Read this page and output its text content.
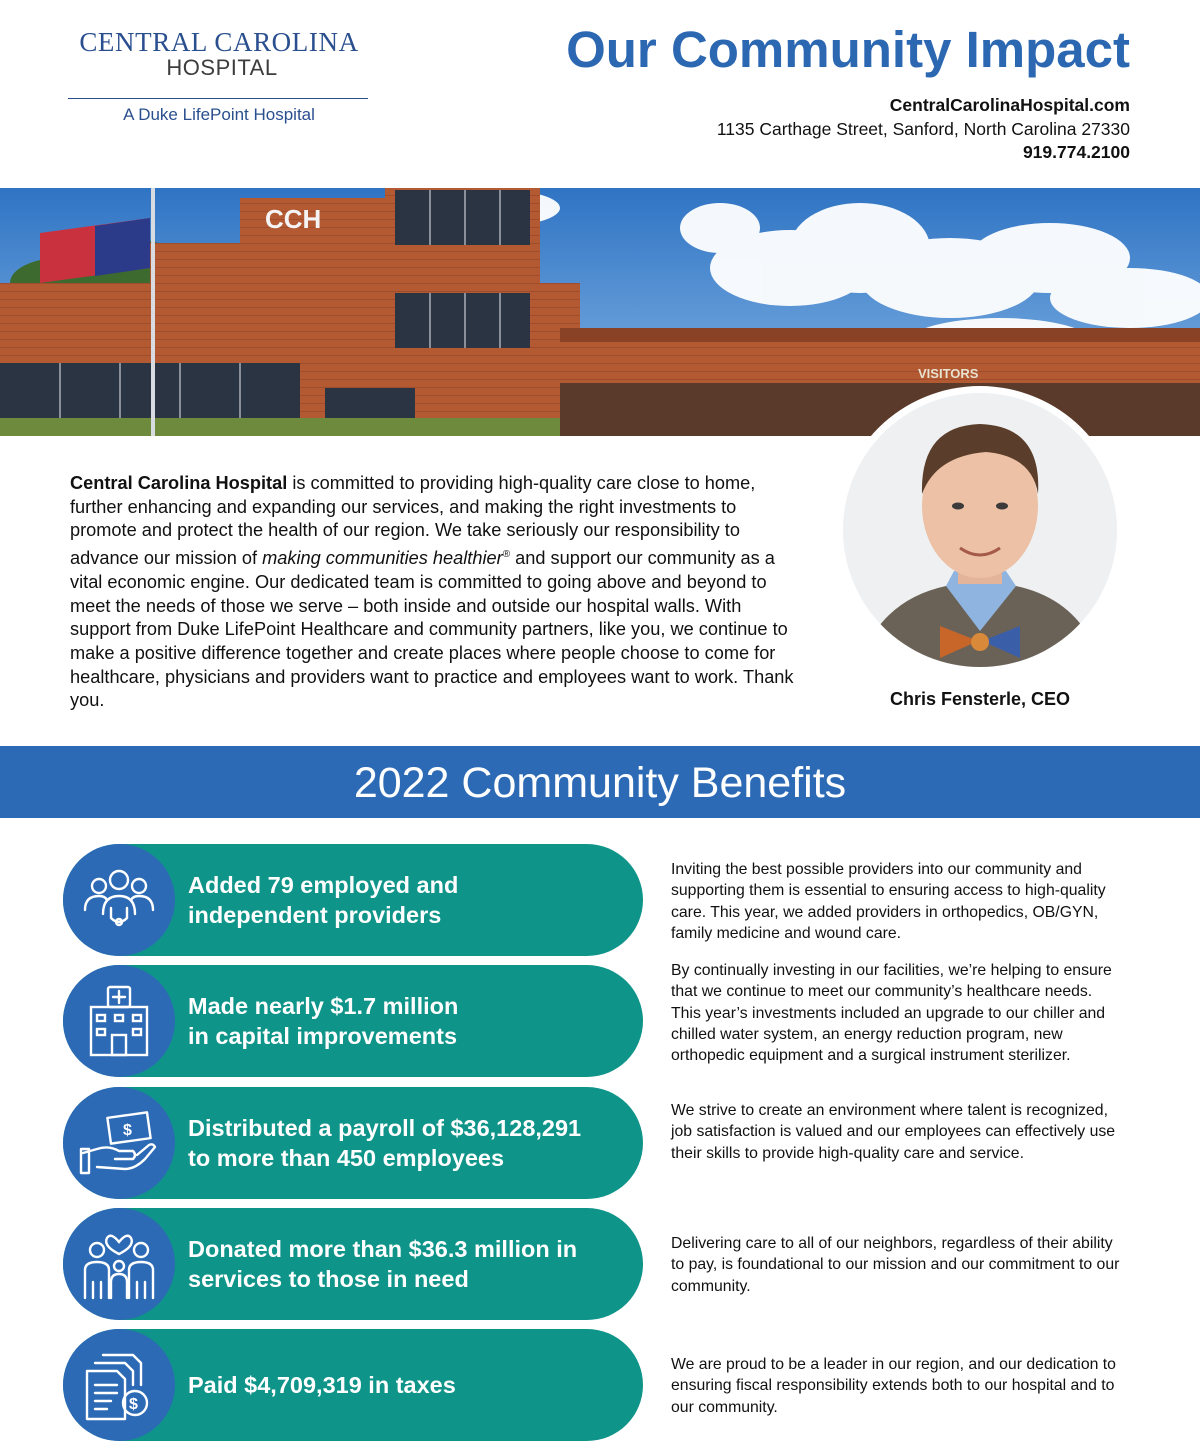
CENTRAL CAROLINA
HOSPITAL
A Duke LifePoint Hospital
Our Community Impact
CentralCarolinaHospital.com
1135 Carthage Street, Sanford, North Carolina 27330
919.774.2100
CCH
VISITORS

Central Carolina Hospital is committed to providing high-quality care close to home, further enhancing and expanding our services, and making the right investments to promote and protect the health of our region. We take seriously our responsibility to advance our mission of making communities healthier® and support our community as a vital economic engine. Our dedicated team is committed to going above and beyond to meet the needs of those we serve – both inside and outside our hospital walls. With support from Duke LifePoint Healthcare and community partners, like you, we continue to make a positive difference together and create places where people choose to come for healthcare, physicians and providers want to practice and employees want to work. Thank you.	Chris Fensterle, CEO
2022 Community Benefits
Added 79 employed and
independent providers

Inviting the best possible providers into our community and supporting them is essential to ensuring access to high-quality care. This year, we added providers in orthopedics, OB/GYN, family medicine and wound care.

Made nearly $1.7 million
in capital improvements

By continually investing in our facilities, we’re helping to ensure that we continue to meet our community’s healthcare needs. This year’s investments included an upgrade to our chiller and chilled water system, an energy reduction program, new orthopedic equipment and a surgical instrument sterilizer.

$ Distributed a payroll of $36,128,291
to more than 450 employees

We strive to create an environment where talent is recognized, job satisfaction is valued and our employees can effectively use their skills to provide high-quality care and service.

Donated more than $36.3 million in
services to those in need

Delivering care to all of our neighbors, regardless of their ability to pay, is foundational to our mission and our commitment to our community.

$
Paid $4,709,319 in taxes

We are proud to be a leader in our region, and our dedication to ensuring fiscal responsibility extends both to our hospital and to our community.
